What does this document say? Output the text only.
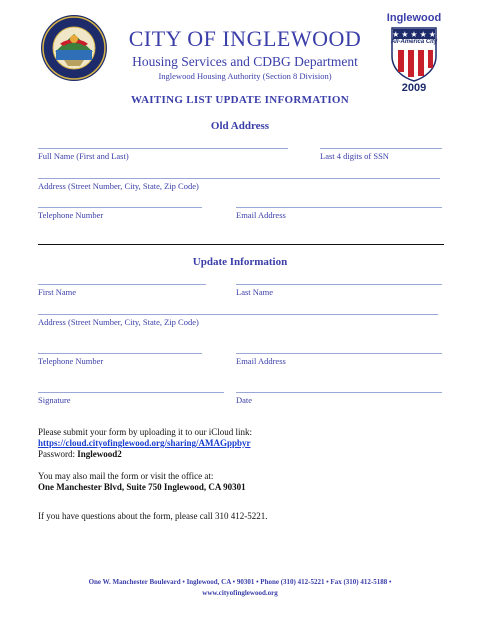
CITY OF INGLEWOOD
Housing Services and CDBG Department
Inglewood Housing Authority (Section 8 Division)
Inglewood
★ ★ ★ ★ ★
All-America City
2009
WAITING LIST UPDATE INFORMATION
Old Address
Full Name (First and Last)	Last 4 digits of SSN
Address (Street Number, City, State, Zip Code)
Telephone Number	Email Address
Update Information
First Name	Last Name
Address (Street Number, City, State, Zip Code)
Telephone Number	Email Address
Signature	Date
Please submit your form by uploading it to our iCloud link:
https://cloud.cityofinglewood.org/sharing/AMAGppbyr
Password: Inglewood2
You may also mail the form or visit the office at:
One Manchester Blvd, Suite 750 Inglewood, CA 90301
If you have questions about the form, please call 310 412-5221.
One W. Manchester Boulevard • Inglewood, CA • 90301 • Phone (310) 412-5221 • Fax (310) 412-5188 •
www.cityofinglewood.org
